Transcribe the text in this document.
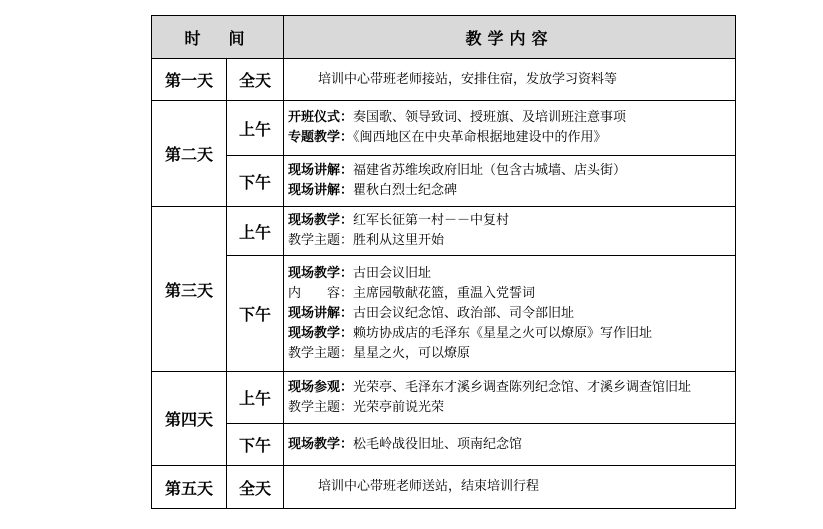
时　间		教学内容
第一天	全天	培训中心带班老师接站，安排住宿，发放学习资料等
第二天	上午	开班仪式：奏国歌、领导致词、授班旗、及培训班注意事项
专题教学：《闽西地区在中央革命根据地建设中的作用》

	下午	现场讲解：福建省苏维埃政府旧址（包含古城墙、店头街）
现场讲解：瞿秋白烈士纪念碑

第三天	上午	现场教学：红军长征第一村－－中复村
教学主题：胜利从这里开始

	下午	现场教学：古田会议旧址
内　　容：主席园敬献花篮，重温入党誓词
现场讲解：古田会议纪念馆、政治部、司令部旧址
现场教学：赖坊协成店的毛泽东《星星之火可以燎原》写作旧址
教学主题：星星之火，可以燎原

第四天	上午	现场参观：光荣亭、毛泽东才溪乡调查陈列纪念馆、才溪乡调查馆旧址
教学主题：光荣亭前说光荣

	下午	现场教学：松毛岭战役旧址、项南纪念馆

第五天	全天	培训中心带班老师送站，结束培训行程
